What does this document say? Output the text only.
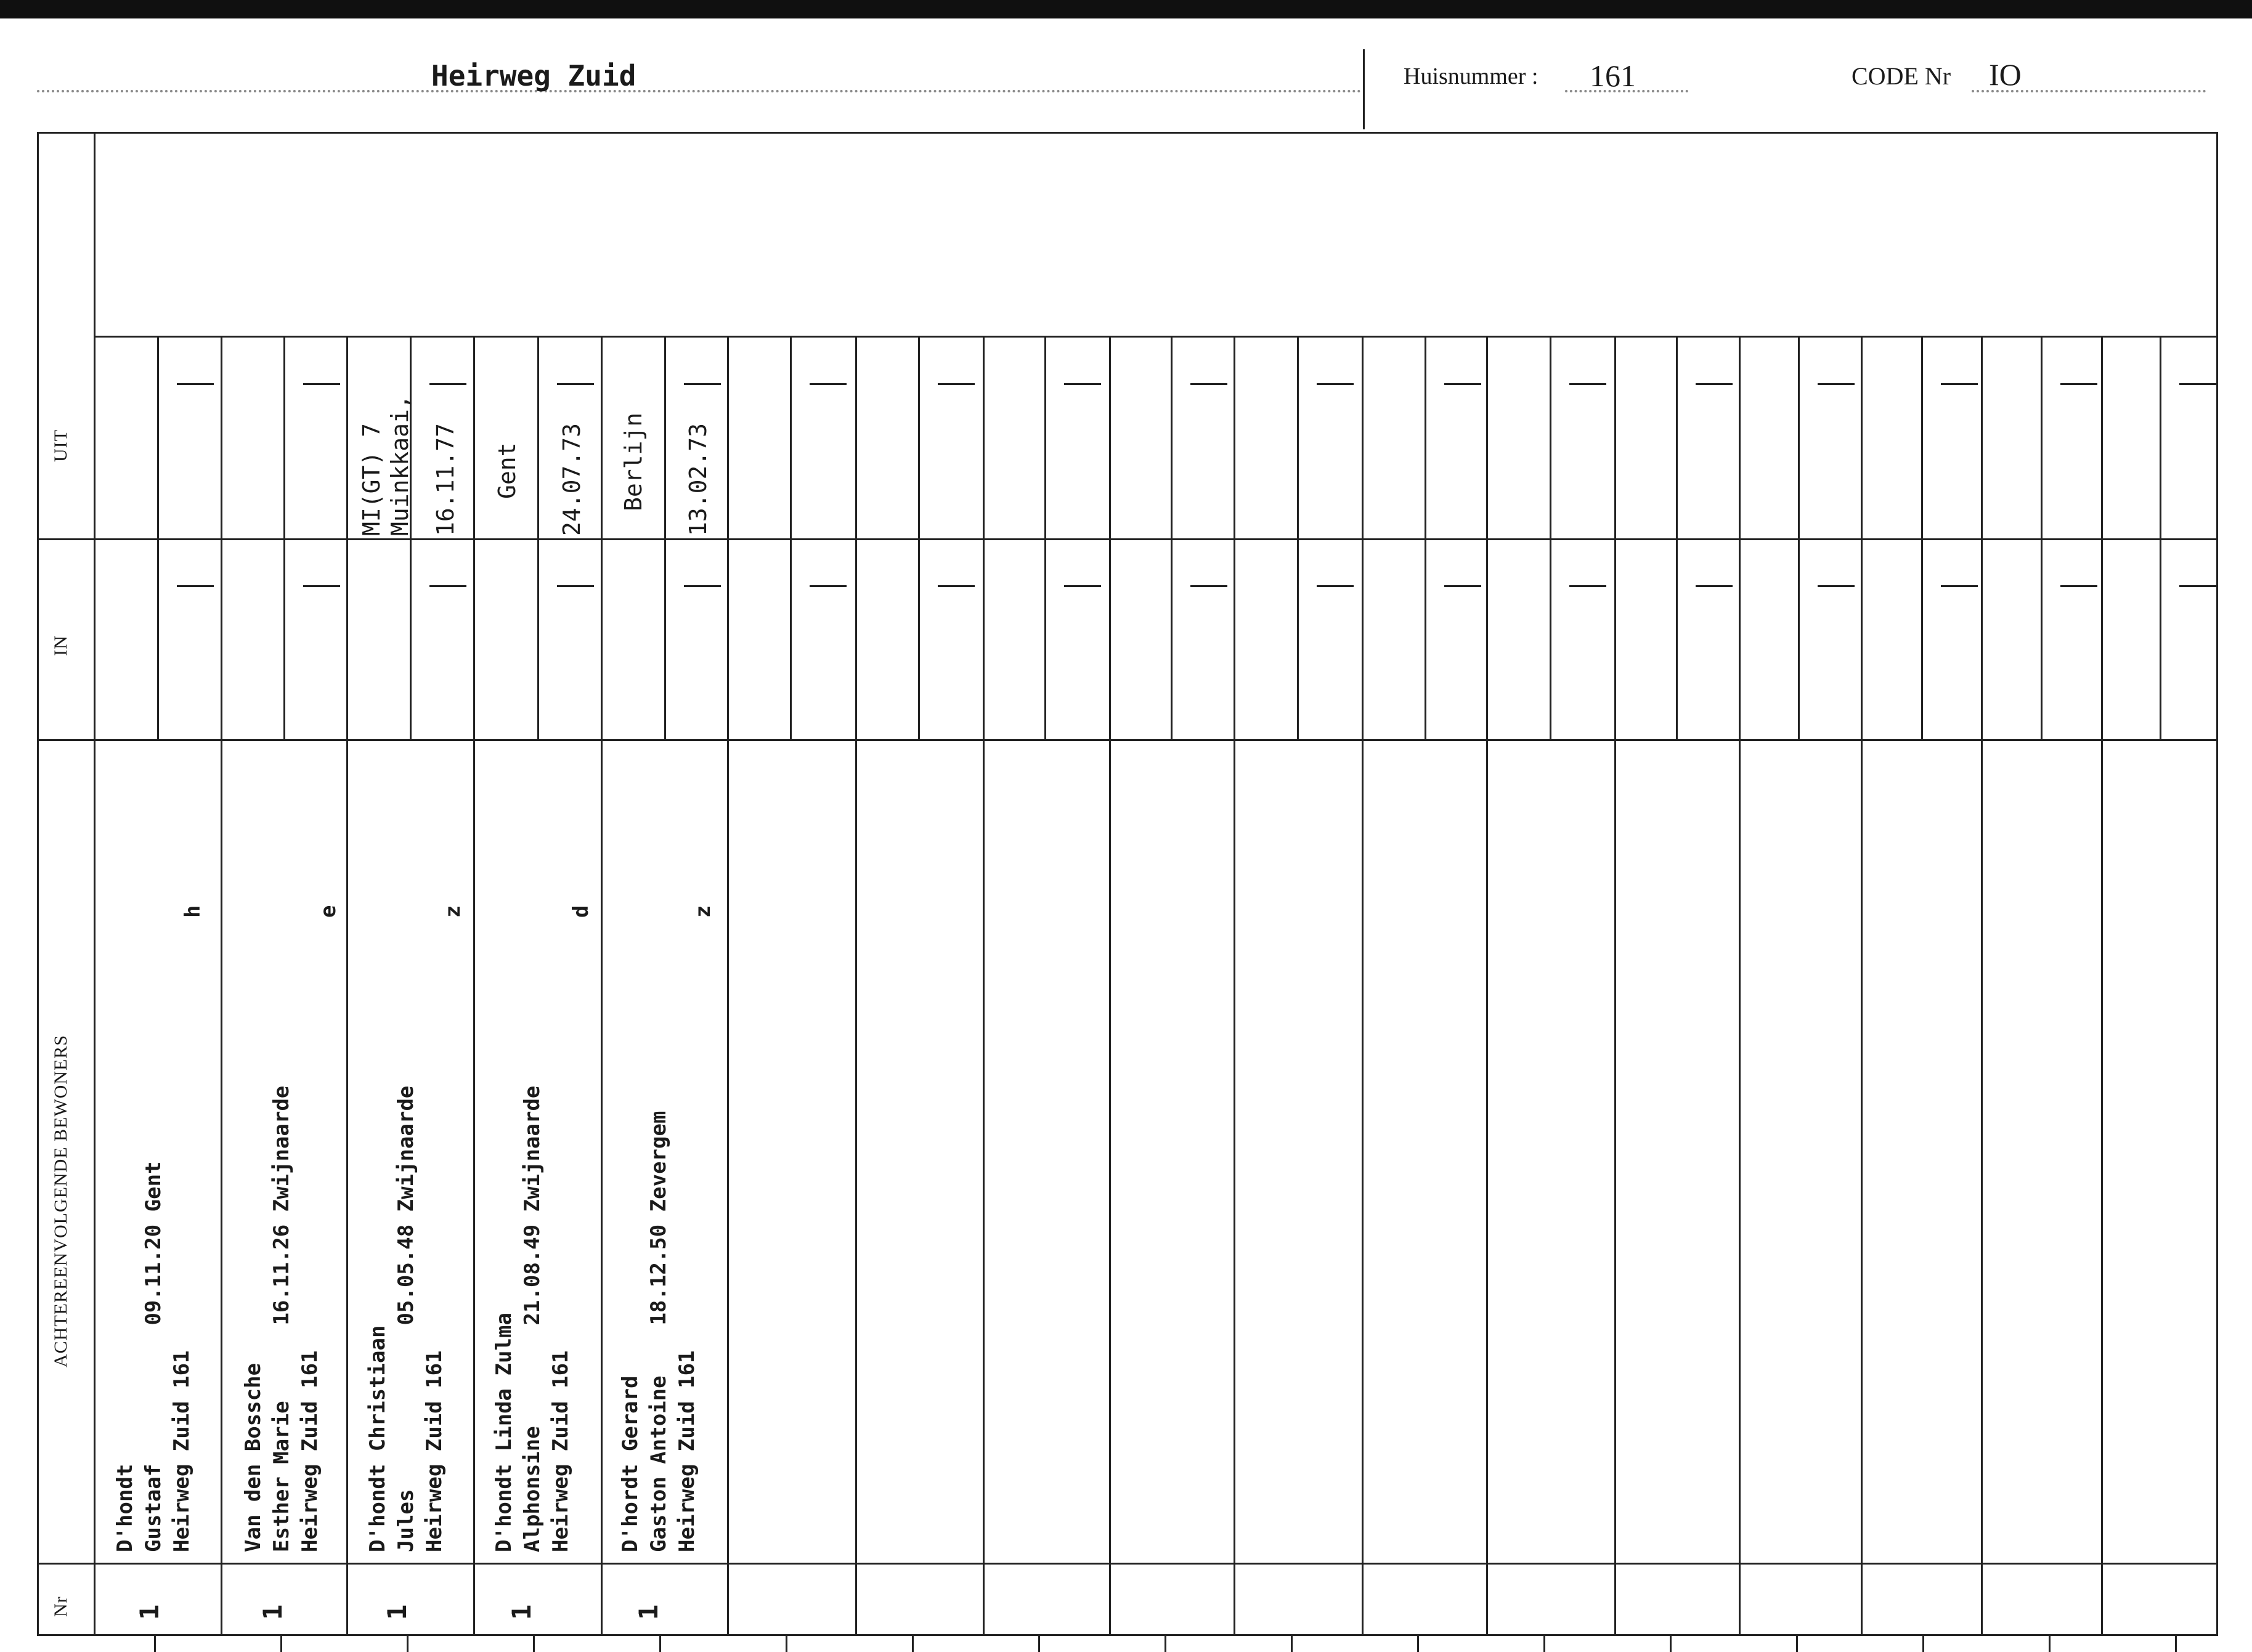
Heirweg Zuid	Huisnummer : 161	CODE Nr IO
UIT
IN
ACHTEREENVOLGENDE BEWONERS
Nr
D'hondt Gustaaf           09.11.20 Gent Heirweg Zuid 161
h
1
Van den Bossche Esther Marie      16.11.26 Zwijnaarde Heirweg Zuid 161
e
1
D'hondt Christiaan Jules             05.05.48 Zwijnaarde Heirweg Zuid 161
z
1
D'hondt Linda Zulma Alphonsine        21.08.49 Zwijnaarde Heirweg Zuid 161
d
1
D'hordt Gerard Gaston Antoine    18.12.50 Zevergem Heirweg Zuid 161
z
1
MI(GT) 7 Muinkkaai, 16.11.77 Gent 24.07.73 Berlijn 13.02.73
